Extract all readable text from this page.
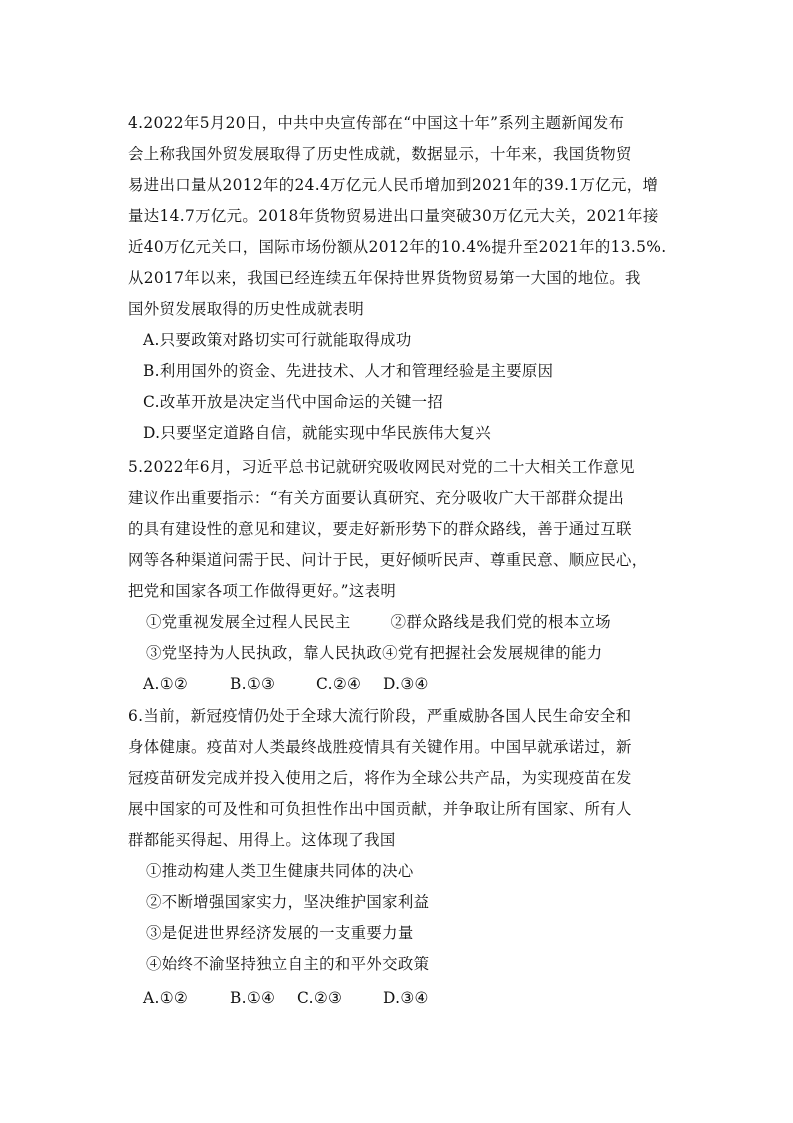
4.2022年5月20日，中共中央宣传部在“中国这十年”系列主题新闻发布
会上称我国外贸发展取得了历史性成就，数据显示，十年来，我国货物贸
易进出口量从2012年的24.4万亿元人民币增加到2021年的39.1万亿元，增
量达14.7万亿元。2018年货物贸易进出口量突破30万亿元大关，2021年接
近40万亿元关口，国际市场份额从2012年的10.4%提升至2021年的13.5%.
从2017年以来，我国已经连续五年保持世界货物贸易第一大国的地位。我
国外贸发展取得的历史性成就表明
A.只要政策对路切实可行就能取得成功
B.利用国外的资金、先进技术、人才和管理经验是主要原因
C.改革开放是决定当代中国命运的关键一招
D.只要坚定道路自信，就能实现中华民族伟大复兴
5.2022年6月，习近平总书记就研究吸收网民对党的二十大相关工作意见
建议作出重要指示：“有关方面要认真研究、充分吸收广大干部群众提出
的具有建设性的意见和建议，要走好新形势下的群众路线，善于通过互联
网等各种渠道问需于民、问计于民，更好倾听民声、尊重民意、顺应民心，
把党和国家各项工作做得更好。”这表明
①党重视发展全过程人民民主	②群众路线是我们党的根本立场
③党坚持为人民执政，靠人民执政④党有把握社会发展规律的能力
A.①②	B.①③	C.②④ D.③④
6.当前，新冠疫情仍处于全球大流行阶段，严重威胁各国人民生命安全和
身体健康。疫苗对人类最终战胜疫情具有关键作用。中国早就承诺过，新
冠疫苗研发完成并投入使用之后，将作为全球公共产品，为实现疫苗在发
展中国家的可及性和可负担性作出中国贡献，并争取让所有国家、所有人
群都能买得起、用得上。这体现了我国
①推动构建人类卫生健康共同体的决心
②不断增强国家实力，坚决维护国家利益
③是促进世界经济发展的一支重要力量
④始终不渝坚持独立自主的和平外交政策
A.①②	B.①④ C.②③	D.③④
